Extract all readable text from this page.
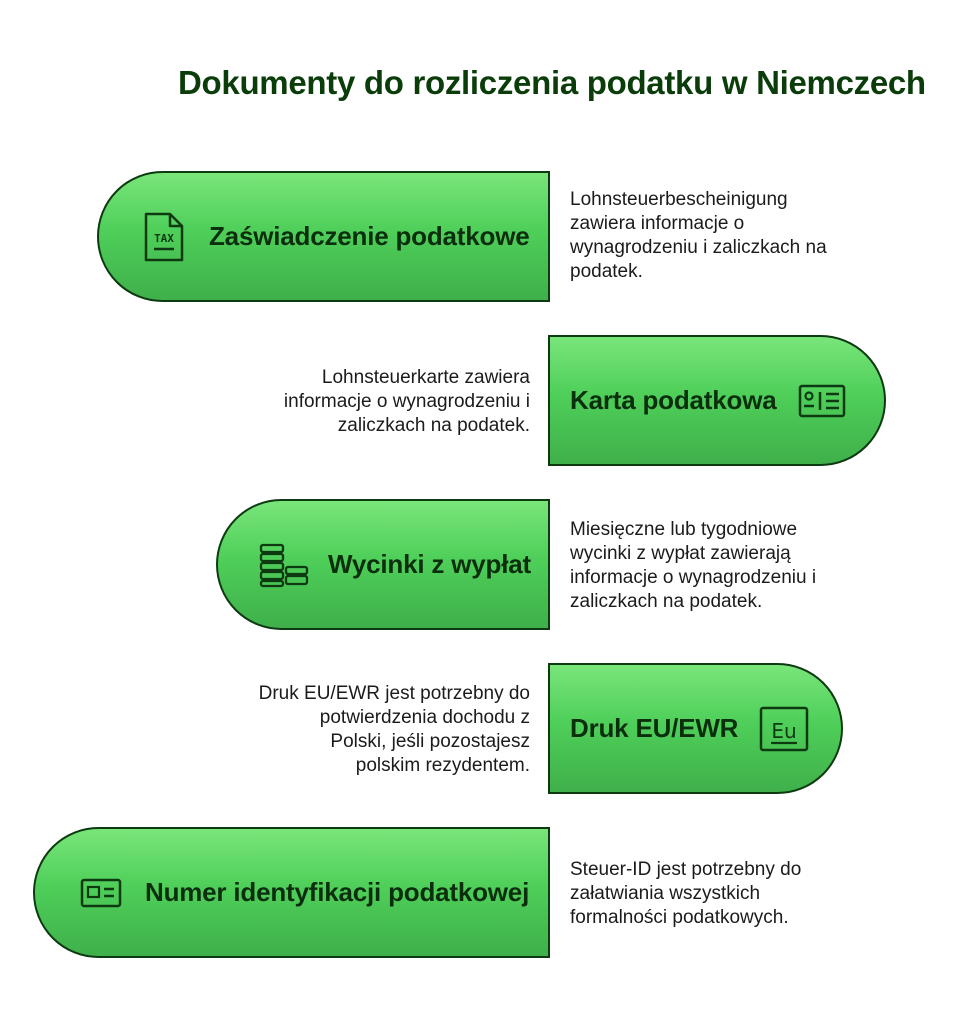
Dokumenty do rozliczenia podatku w Niemczech
TAX Zaświadczenie podatkowe
Lohnsteuerbescheinigung
zawiera informacje o
wynagrodzeniu i zaliczkach na
podatek.
Karta podatkowa
Lohnsteuerkarte zawiera
informacje o wynagrodzeniu i
zaliczkach na podatek.
Wycinki z wypłat
Miesięczne lub tygodniowe
wycinki z wypłat zawierają
informacje o wynagrodzeniu i
zaliczkach na podatek.
Druk EU/EWR Eu
Druk EU/EWR jest potrzebny do
potwierdzenia dochodu z
Polski, jeśli pozostajesz
polskim rezydentem.
Numer identyfikacji podatkowej
Steuer-ID jest potrzebny do
załatwiania wszystkich
formalności podatkowych.
